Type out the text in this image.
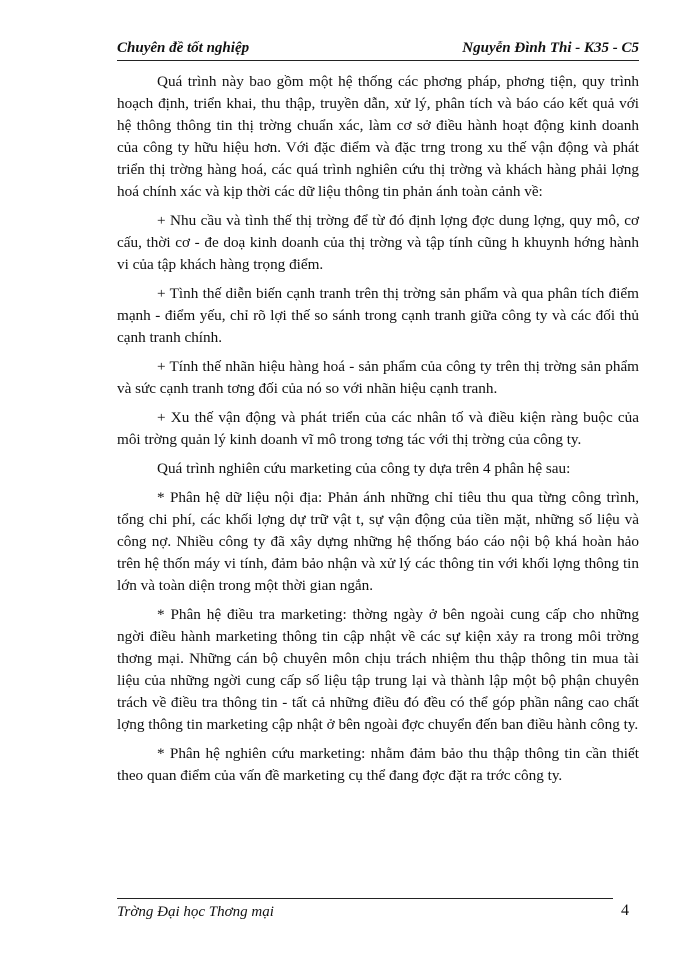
Chuyên đề tốt nghiệp	Nguyễn Đình Thi - K35 - C5

Quá trình này bao gồm một hệ thống các phơng pháp, phơng tiện, quy trình hoạch định, triển khai, thu thập, truyền dẫn, xử lý, phân tích và báo cáo kết quả với hệ thông thông tin thị trờng chuẩn xác, làm cơ sở điều hành hoạt động kinh doanh của công ty hữu hiệu hơn. Với đặc điểm và đặc trng trong xu thế vận động và phát triển thị trờng hàng hoá, các quá trình nghiên cứu thị trờng và khách hàng phải lợng hoá chính xác và kịp thời các dữ liệu thông tin phản ánh toàn cảnh về:

+ Nhu cầu và tình thế thị trờng để từ đó định lợng đợc dung lợng, quy mô, cơ cấu, thời cơ - đe doạ kinh doanh của thị trờng và tập tính cũng h khuynh hớng hành vi của tập khách hàng trọng điểm.

+ Tình thế diễn biến cạnh tranh trên thị trờng sản phẩm và qua phân tích điểm mạnh - điểm yếu, chỉ rõ lợi thế so sánh trong cạnh tranh giữa công ty và các đối thủ cạnh tranh chính.

+ Tính thế nhãn hiệu hàng hoá - sản phẩm của công ty trên thị trờng sản phẩm và sức cạnh tranh tơng đối của nó so với nhãn hiệu cạnh tranh.

+ Xu thế vận động và phát triển của các nhân tố và điều kiện ràng buộc của môi trờng quản lý kinh doanh vĩ mô trong tơng tác với thị trờng của công ty.

Quá trình nghiên cứu marketing của công ty dựa trên 4 phân hệ sau:

* Phân hệ dữ liệu nội địa: Phản ánh những chỉ tiêu thu qua từng công trình, tổng chi phí, các khối lợng dự trữ vật t, sự vận động của tiền mặt, những số liệu và công nợ. Nhiều công ty đã xây dựng những hệ thống báo cáo nội bộ khá hoàn hảo trên hệ thốn máy vi tính, đảm bảo nhận và xử lý các thông tin với khối lợng thông tin lớn và toàn diện trong một thời gian ngắn.

* Phân hệ điều tra marketing: thờng ngày ở bên ngoài cung cấp cho những ngời điều hành marketing thông tin cập nhật về các sự kiện xảy ra trong môi trờng thơng mại. Những cán bộ chuyên môn chịu trách nhiệm thu thập thông tin mua tài liệu của những ngời cung cấp số liệu tập trung lại và thành lập một bộ phận chuyên trách về điều tra thông tin - tất cả những điều đó đều có thể góp phần nâng cao chất lợng thông tin marketing cập nhật ở bên ngoài đợc chuyển đến ban điều hành công ty.

* Phân hệ nghiên cứu marketing: nhằm đảm bảo thu thập thông tin cần thiết theo quan điểm của vấn đề marketing cụ thể đang đợc đặt ra trớc công ty.

Trờng Đại học Thơng mại	4
